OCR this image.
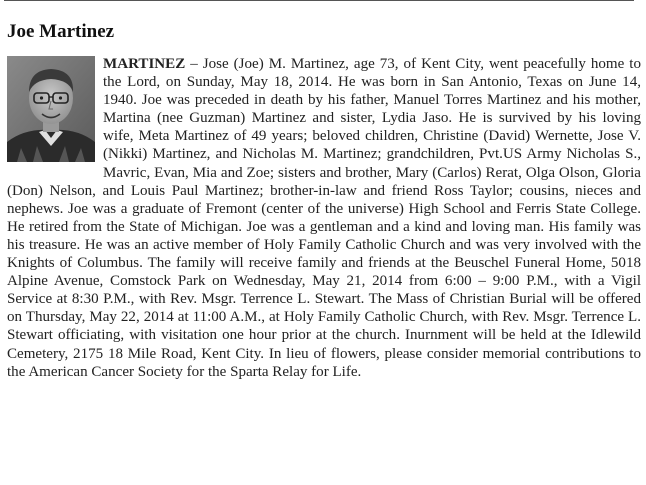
Joe Martinez
MARTINEZ – Jose (Joe) M. Martinez, age 73, of Kent City, went peacefully home to the Lord, on Sunday, May 18, 2014. He was born in San Antonio, Texas on June 14, 1940. Joe was preceded in death by his father, Manuel Torres Martinez and his mother, Martina (nee Guzman) Martinez and sister, Lydia Jaso. He is survived by his loving wife, Meta Martinez of 49 years; beloved children, Christine (David) Wernette, Jose V. (Nikki) Martinez, and Nicholas M. Martinez; grandchildren, Pvt.US Army Nicholas S., Mavric, Evan, Mia and Zoe; sisters and brother, Mary (Carlos) Rerat, Olga Olson, Gloria (Don) Nelson, and Louis Paul Martinez; brother-in-law and friend Ross Taylor; cousins, nieces and nephews. Joe was a graduate of Fremont (center of the universe) High School and Ferris State College. He retired from the State of Michigan. Joe was a gentleman and a kind and loving man. His family was his treasure. He was an active member of Holy Family Catholic Church and was very involved with the Knights of Columbus. The family will receive family and friends at the Beuschel Funeral Home, 5018 Alpine Avenue, Comstock Park on Wednesday, May 21, 2014 from 6:00 – 9:00 P.M., with a Vigil Service at 8:30 P.M., with Rev. Msgr. Terrence L. Stewart. The Mass of Christian Burial will be offered on Thursday, May 22, 2014 at 11:00 A.M., at Holy Family Catholic Church, with Rev. Msgr. Terrence L. Stewart officiating, with visitation one hour prior at the church. Inurnment will be held at the Idlewild Cemetery, 2175 18 Mile Road, Kent City. In lieu of flowers, please consider memorial contributions to the American Cancer Society for the Sparta Relay for Life.
